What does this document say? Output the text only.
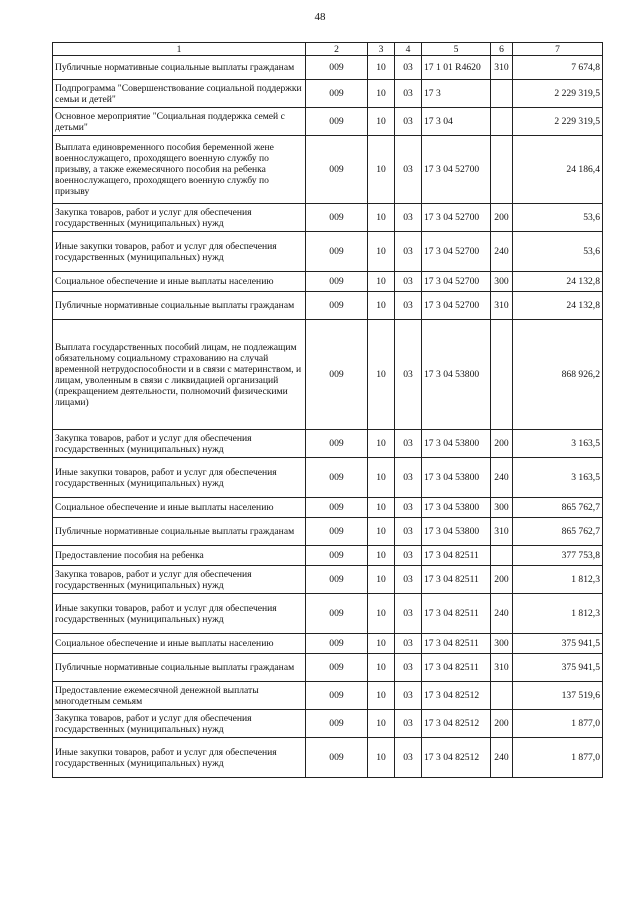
48
1	2	3	4	5	6	7
Публичные нормативные социальные выплаты гражданам	009	10	03	17 1 01 R4620	310	7 674,8
Подпрограмма "Совершенствование социальной поддержки семьи и детей"	009	10	03	17 3		2 229 319,5
Основное мероприятие "Социальная поддержка семей с детьми"	009	10	03	17 3 04		2 229 319,5
Выплата единовременного пособия беременной жене военнослужащего, проходящего военную службу по призыву, а также ежемесячного пособия на ребенка военнослужащего, проходящего военную службу по призыву	009	10	03	17 3 04 52700		24 186,4
Закупка товаров, работ и услуг для обеспечения государственных (муниципальных) нужд	009	10	03	17 3 04 52700	200	53,6
Иные закупки товаров, работ и услуг для обеспечения государственных (муниципальных) нужд	009	10	03	17 3 04 52700	240	53,6
Социальное обеспечение и иные выплаты населению	009	10	03	17 3 04 52700	300	24 132,8
Публичные нормативные социальные выплаты гражданам	009	10	03	17 3 04 52700	310	24 132,8
Выплата государственных пособий лицам, не подлежащим обязательному социальному страхованию на случай временной нетрудоспособности и в связи с материнством, и лицам, уволенным в связи с ликвидацией организаций (прекращением деятельности, полномочий физическими лицами)	009	10	03	17 3 04 53800		868 926,2
Закупка товаров, работ и услуг для обеспечения государственных (муниципальных) нужд	009	10	03	17 3 04 53800	200	3 163,5
Иные закупки товаров, работ и услуг для обеспечения государственных (муниципальных) нужд	009	10	03	17 3 04 53800	240	3 163,5
Социальное обеспечение и иные выплаты населению	009	10	03	17 3 04 53800	300	865 762,7
Публичные нормативные социальные выплаты гражданам	009	10	03	17 3 04 53800	310	865 762,7
Предоставление пособия на ребенка	009	10	03	17 3 04 82511		377 753,8
Закупка товаров, работ и услуг для обеспечения государственных (муниципальных) нужд	009	10	03	17 3 04 82511	200	1 812,3
Иные закупки товаров, работ и услуг для обеспечения государственных (муниципальных) нужд	009	10	03	17 3 04 82511	240	1 812,3
Социальное обеспечение и иные выплаты населению	009	10	03	17 3 04 82511	300	375 941,5
Публичные нормативные социальные выплаты гражданам	009	10	03	17 3 04 82511	310	375 941,5
Предоставление ежемесячной денежной выплаты многодетным семьям	009	10	03	17 3 04 82512		137 519,6
Закупка товаров, работ и услуг для обеспечения государственных (муниципальных) нужд	009	10	03	17 3 04 82512	200	1 877,0
Иные закупки товаров, работ и услуг для обеспечения государственных (муниципальных) нужд	009	10	03	17 3 04 82512	240	1 877,0
